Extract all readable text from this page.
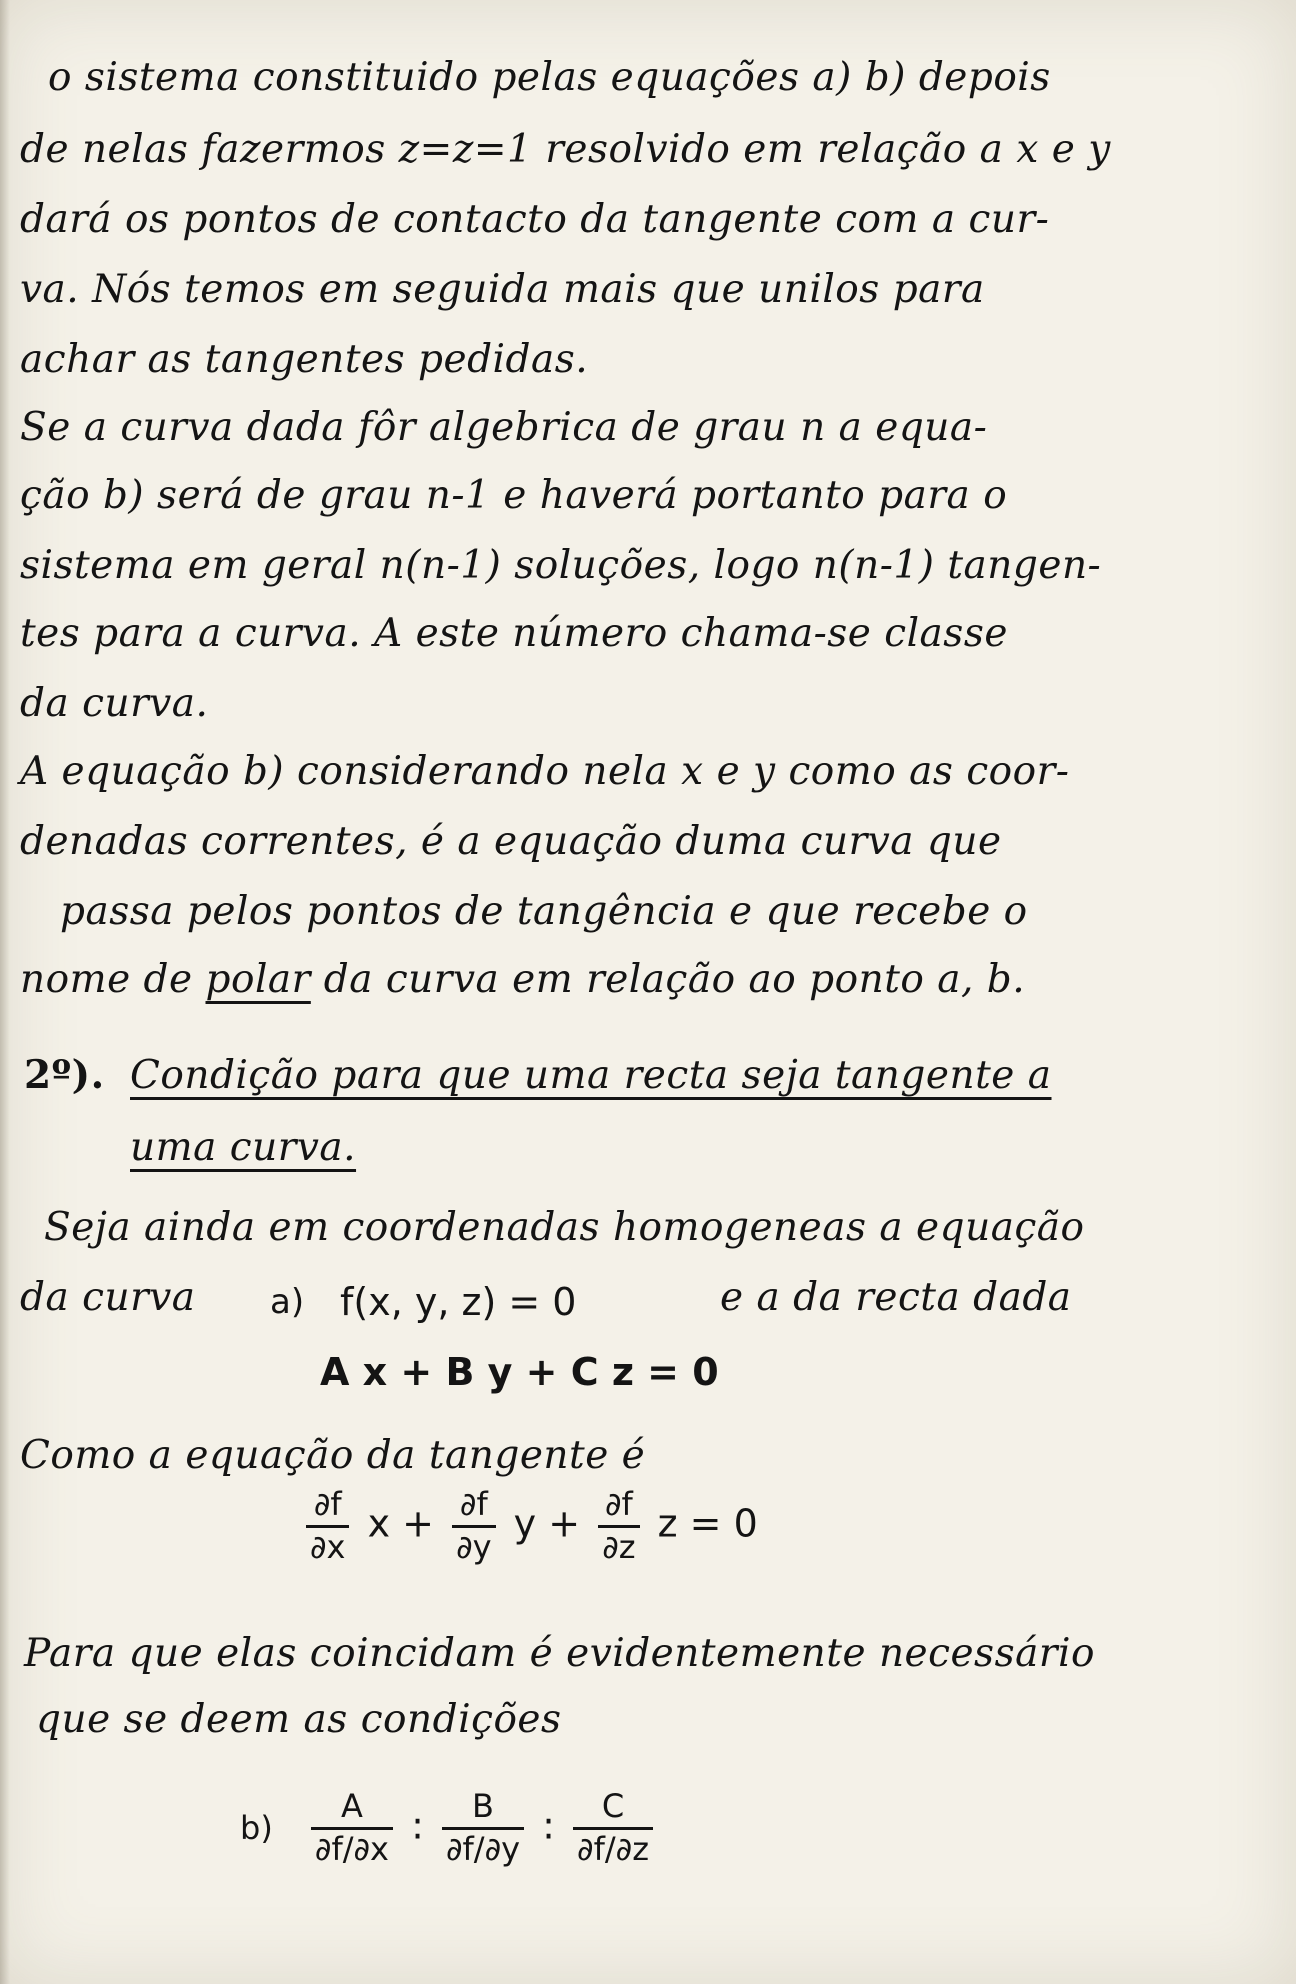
o sistema constituido pelas equações a) b) depois
de nelas fazermos z=z=1 resolvido em relação a x e y
dará os pontos de contacto da tangente com a cur-
va. Nós temos em seguida mais que unilos para
achar as tangentes pedidas.
Se a curva dada fôr algebrica de grau n a equa-
ção b) será de grau n-1 e haverá portanto para o
sistema em geral n(n-1) soluções, logo n(n-1) tangen-
tes para a curva. A este número chama-se classe
da curva.
A equação b) considerando nela x e y como as coor-
denadas correntes, é a equação duma curva que
passa pelos pontos de tangência e que recebe o
nome de polar da curva em relação ao ponto a, b.
2º). Condição para que uma recta seja tangente a
uma curva.
Seja ainda em coordenadas homogeneas a equação
da curva	e a da recta dada
Como a equação da tangente é
Para que elas coincidam é evidentemente necessário
que se deem as condições
a) f(x, y, z) = 0
A x + B y + C z = 0
$\frac{\partial f}{\partial x}$ $x + \frac{\partial f}{\partial y}$ $y + \frac{\partial f}{\partial z}$ z = 0
$b) \frac{A}{\partial f/\partial x}$ : $\frac{B}{\partial f/\partial y}$ : $\frac{C}{\partial f/\partial z}$
